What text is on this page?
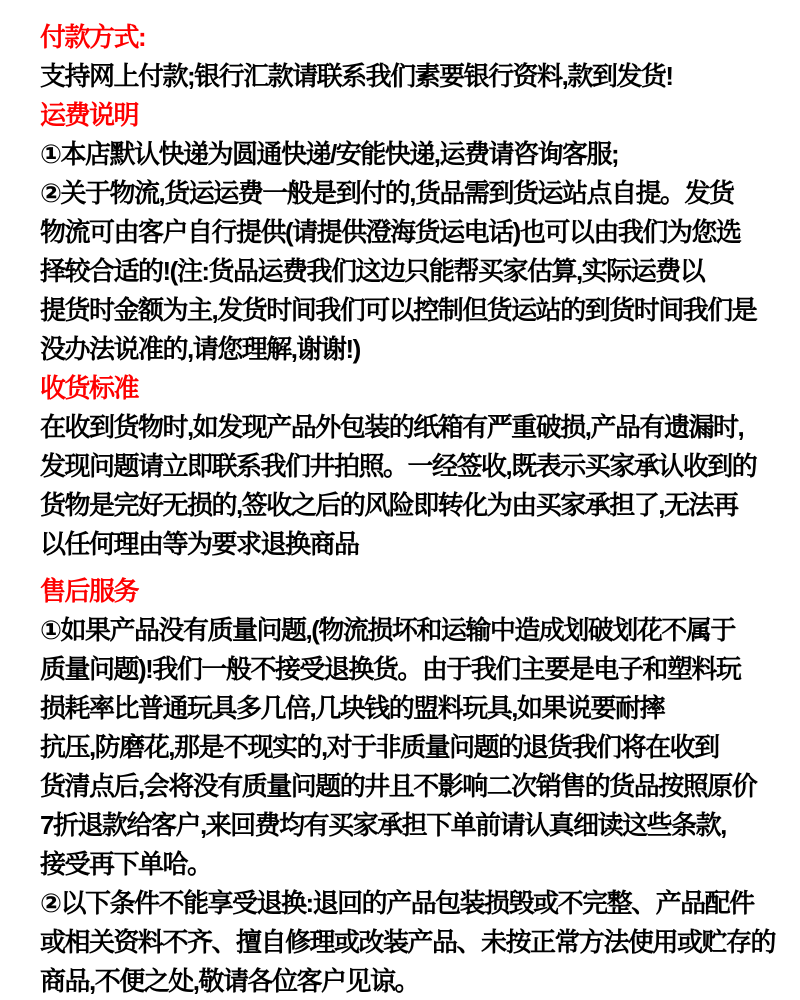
付款方式:
支持网上付款;银行汇款请联系我们素要银行资料,款到发货!
运费说明
①本店默认快递为圆通快递/安能快递,运费请咨询客服;
②关于物流,货运运费一般是到付的,货品需到货运站点自提。发货
物流可由客户自行提供(请提供澄海货运电话)也可以由我们为您选
择较合适的!(注:货品运费我们这边只能帮买家估算,实际运费以
提货时金额为主,发货时间我们可以控制但货运站的到货时间我们是
没办法说准的,请您理解,谢谢!)
收货标准
在收到货物时,如发现产品外包装的纸箱有严重破损,产品有遗漏时,
发现问题请立即联系我们井拍照。一经签收,既表示买家承认收到的
货物是完好无损的,签收之后的风险即转化为由买家承担了,无法再
以任何理由等为要求退换商品
售后服务
①如果产品没有质量问题,(物流损坏和运输中造成划破划花不属于
质量问题)!我们一般不接受退换货。由于我们主要是电子和塑料玩
损耗率比普通玩具多几倍,几块钱的盟料玩具,如果说要耐摔
抗压,防磨花,那是不现实的,对于非质量问题的退货我们将在收到
货清点后,会将没有质量问题的井且不影响二次销售的货品按照原价
7折退款给客户,来回费均有买家承担下单前请认真细读这些条款,
接受再下单哈。
②以下条件不能享受退换:退回的产品包装损毁或不完整、产品配件
或相关资料不齐、擅自修理或改装产品、未按正常方法使用或贮存的
商品,不便之处,敬请各位客户见谅。
